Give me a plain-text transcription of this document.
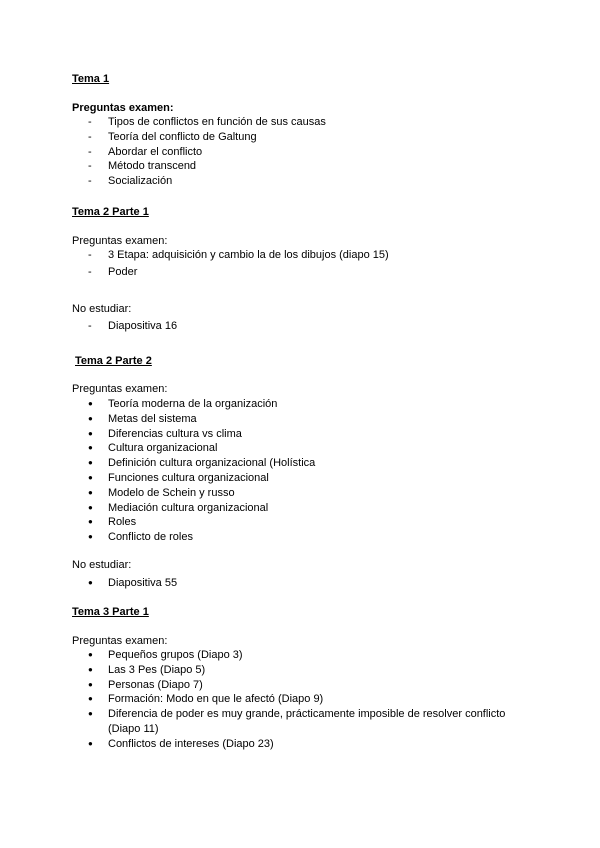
Tema 1
Preguntas examen:
-	Tipos de conflictos en función de sus causas
-	Teoría del conflicto de Galtung
-	Abordar el conflicto
-	Método transcend
-	Socialización
Tema 2 Parte 1
Preguntas examen:
-	3 Etapa: adquisición y cambio la de los dibujos (diapo 15)
-	Poder
No estudiar:
-	Diapositiva 16
Tema 2 Parte 2
Preguntas examen:
●	Teoría moderna de la organización
●	Metas del sistema
●	Diferencias cultura vs clima
●	Cultura organizacional
●	Definición cultura organizacional (Holística
●	Funciones cultura organizacional
●	Modelo de Schein y russo
●	Mediación cultura organizacional
●	Roles
●	Conflicto de roles
No estudiar:
●	Diapositiva 55
Tema 3 Parte 1
Preguntas examen:
●	Pequeños grupos (Diapo 3)
●	Las 3 Pes (Diapo 5)
●	Personas (Diapo 7)
●	Formación: Modo en que le afectó (Diapo 9)
●	Diferencia de poder es muy grande, prácticamente imposible de resolver conflicto
(Diapo 11)
●	Conflictos de intereses (Diapo 23)
